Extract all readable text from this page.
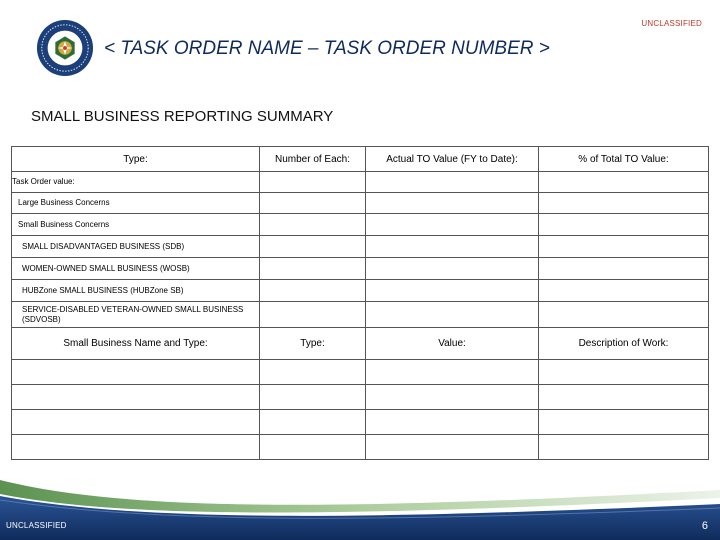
UNCLASSIFIED
< TASK ORDER NAME – TASK ORDER NUMBER >
SMALL BUSINESS REPORTING SUMMARY
Type:	Number of Each:	Actual TO Value (FY to Date):	% of Total TO Value:
Task Order value:			
Large Business Concerns			
Small Business Concerns			
SMALL DISADVANTAGED BUSINESS (SDB)			
WOMEN-OWNED SMALL BUSINESS (WOSB)			
HUBZone SMALL BUSINESS (HUBZone SB)			
SERVICE-DISABLED VETERAN-OWNED SMALL BUSINESS (SDVOSB)			
Small Business Name and Type:	Type:	Value:	Description of Work:

UNCLASSIFIED	6
